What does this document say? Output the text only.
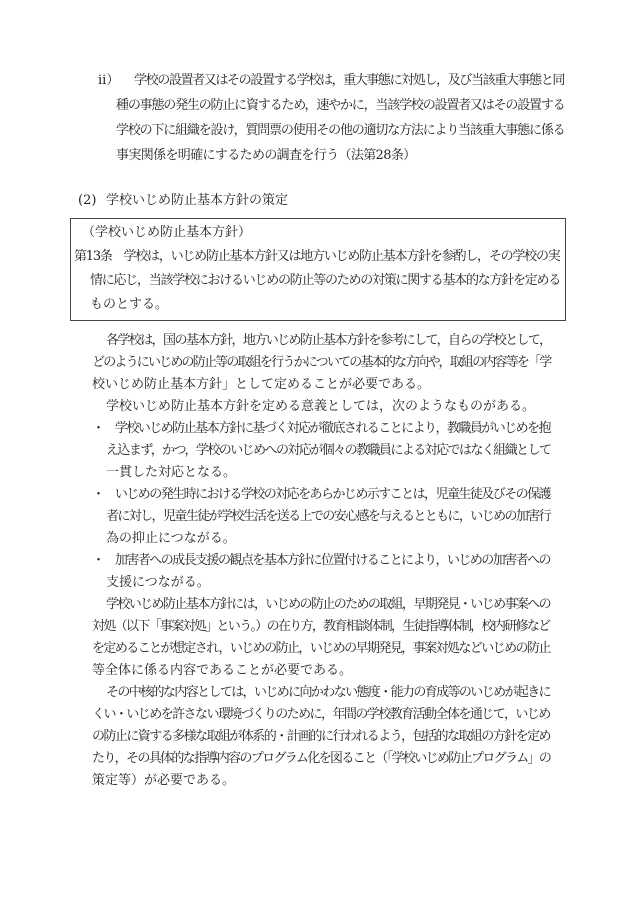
ii） 学校の設置者又はその設置する学校は，重大事態に対処し，及び当該重大事態と同
種の事態の発生の防止に資するため，速やかに，当該学校の設置者又はその設置する
学校の下に組織を設け，質問票の使用その他の適切な方法により当該重大事態に係る
事実関係を明確にするための調査を行う（法第28条）
(2) 学校いじめ防止基本方針の策定
（学校いじめ防止基本方針）
第13条　学校は，いじめ防止基本方針又は地方いじめ防止基本方針を参酌し，その学校の実
情に応じ，当該学校におけるいじめの防止等のための対策に関する基本的な方針を定める
ものとする。
各学校は，国の基本方針，地方いじめ防止基本方針を参考にして，自らの学校として，
どのようにいじめの防止等の取組を行うかについての基本的な方向や，取組の内容等を「学
校いじめ防止基本方針」として定めることが必要である。
学校いじめ防止基本方針を定める意義としては，次のようなものがある。
・　学校いじめ防止基本方針に基づく対応が徹底されることにより，教職員がいじめを抱
え込まず，かつ，学校のいじめへの対応が個々の教職員による対応ではなく組織として
一貫した対応となる。
・　いじめの発生時における学校の対応をあらかじめ示すことは，児童生徒及びその保護
者に対し，児童生徒が学校生活を送る上での安心感を与えるとともに，いじめの加害行
為の抑止につながる。
・　加害者への成長支援の観点を基本方針に位置付けることにより，いじめの加害者への
支援につながる。
学校いじめ防止基本方針には，いじめの防止のための取組，早期発見・いじめ事案への
対処（以下「事案対処」という。）の在り方，教育相談体制，生徒指導体制，校内研修など
を定めることが想定され，いじめの防止，いじめの早期発見，事案対処などいじめの防止
等全体に係る内容であることが必要である。
その中核的な内容としては，いじめに向かわない態度・能力の育成等のいじめが起きに
くい・いじめを許さない環境づくりのために，年間の学校教育活動全体を通じて，いじめ
の防止に資する多様な取組が体系的・計画的に行われるよう，包括的な取組の方針を定め
たり，その具体的な指導内容のプログラム化を図ること（「学校いじめ防止プログラム」の
策定等）が必要である。
